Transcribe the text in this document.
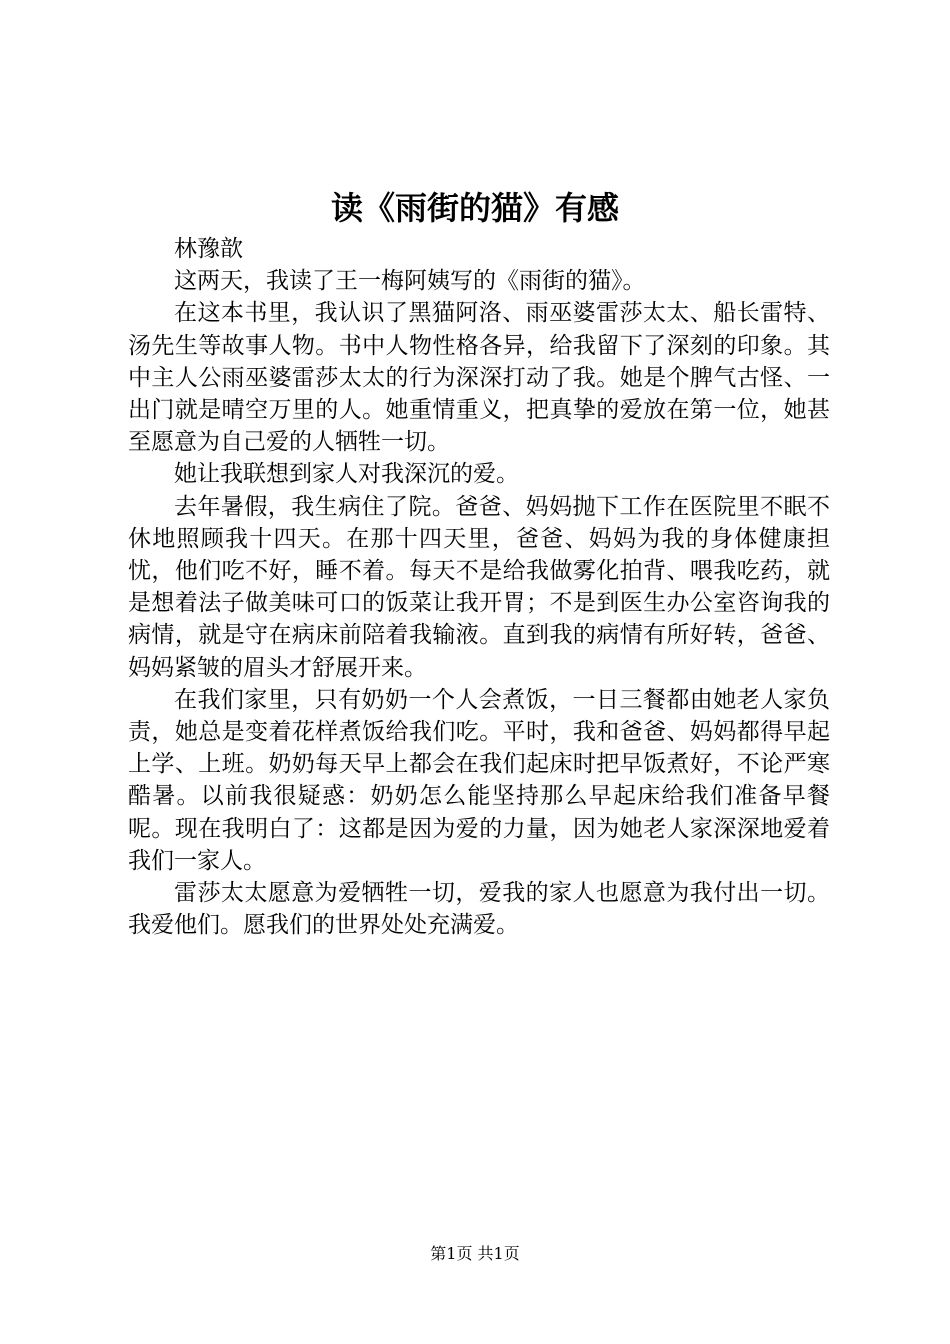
读《雨街的猫》有感

林豫歆

这两天，我读了王一梅阿姨写的《雨街的猫》。

在这本书里，我认识了黑猫阿洛、雨巫婆雷莎太太、船长雷特、汤先生等故事人物。书中人物性格各异，给我留下了深刻的印象。其中主人公雨巫婆雷莎太太的行为深深打动了我。她是个脾气古怪、一出门就是晴空万里的人。她重情重义，把真挚的爱放在第一位，她甚至愿意为自己爱的人牺牲一切。

她让我联想到家人对我深沉的爱。

去年暑假，我生病住了院。爸爸、妈妈抛下工作在医院里不眠不休地照顾我十四天。在那十四天里，爸爸、妈妈为我的身体健康担忧，他们吃不好，睡不着。每天不是给我做雾化拍背、喂我吃药，就是想着法子做美味可口的饭菜让我开胃；不是到医生办公室咨询我的病情，就是守在病床前陪着我输液。直到我的病情有所好转，爸爸、妈妈紧皱的眉头才舒展开来。

在我们家里，只有奶奶一个人会煮饭，一日三餐都由她老人家负责，她总是变着花样煮饭给我们吃。平时，我和爸爸、妈妈都得早起上学、上班。奶奶每天早上都会在我们起床时把早饭煮好，不论严寒酷暑。以前我很疑惑：奶奶怎么能坚持那么早起床给我们准备早餐呢。现在我明白了：这都是因为爱的力量，因为她老人家深深地爱着我们一家人。

雷莎太太愿意为爱牺牲一切，爱我的家人也愿意为我付出一切。我爱他们。愿我们的世界处处充满爱。

第1页 共1页
